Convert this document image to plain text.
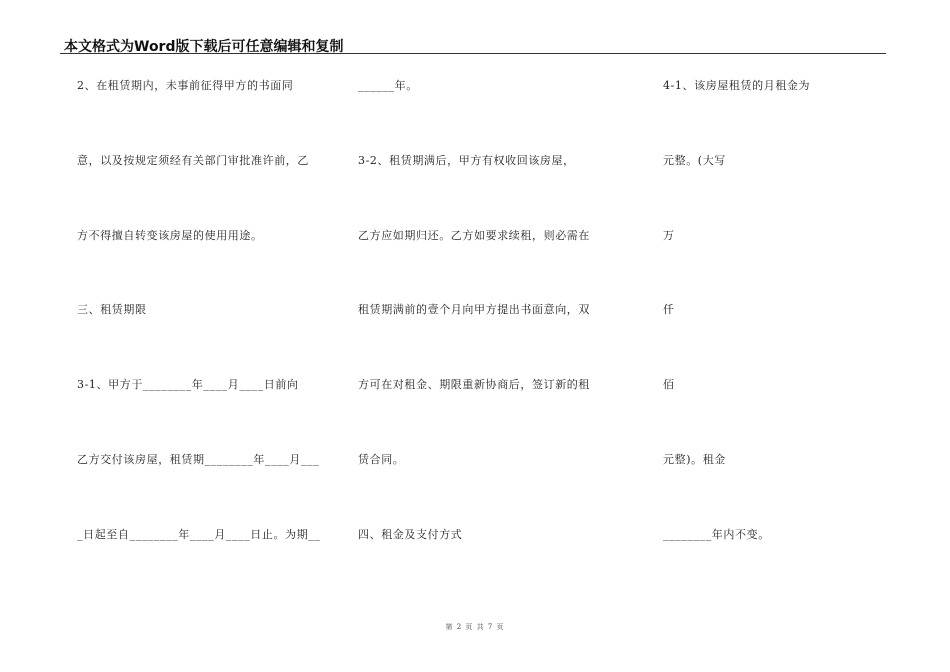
本文格式为Word版下载后可任意编辑和复制
2、在租赁期内，未事前征得甲方的书面同
意，以及按规定须经有关部门审批准许前，乙
方不得擅自转变该房屋的使用用途。
三、租赁期限
3-1、甲方于________年____月____日前向
乙方交付该房屋，租赁期________年____月___
_日起至自________年____月____日止。为期__
______年。
3-2、租赁期满后，甲方有权收回该房屋，
乙方应如期归还。乙方如要求续租，则必需在
租赁期满前的壹个月向甲方提出书面意向，双
方可在对租金、期限重新协商后，签订新的租
赁合同。
四、租金及支付方式
4-1、该房屋租赁的月租金为
元整。(大写
万
仟
佰
元整)。租金
________年内不变。
第 2 页 共 7 页
